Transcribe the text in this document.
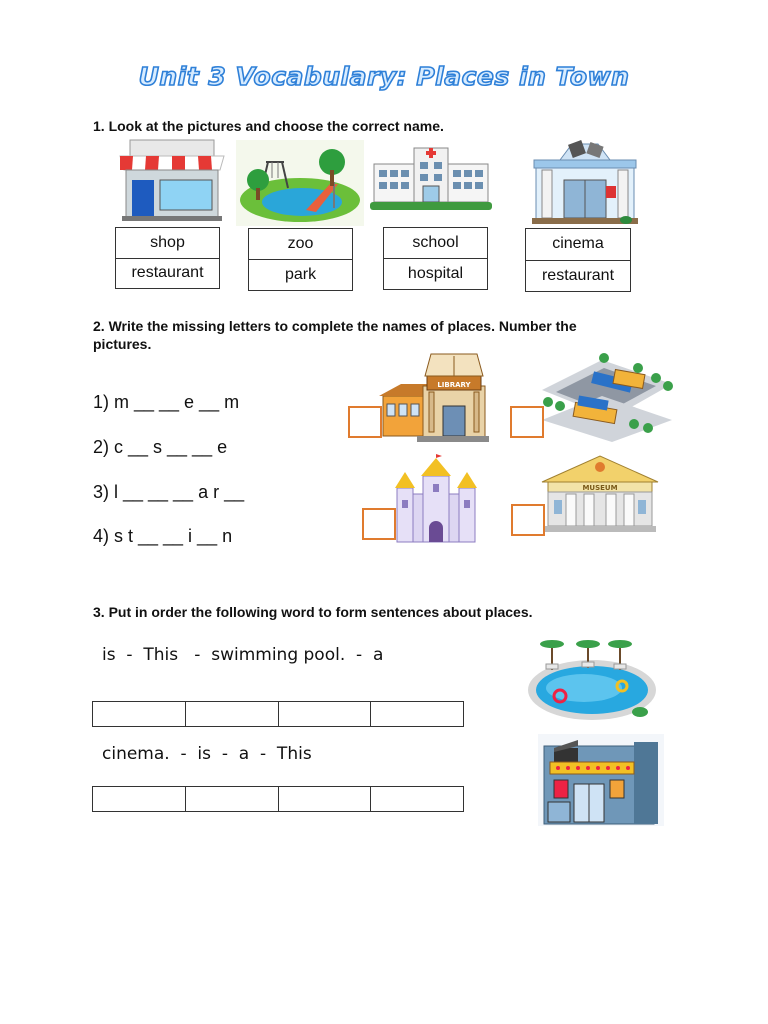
Unit 3 Vocabulary: Places in Town
1. Look at the pictures and choose the correct name.
shop
restaurant
zoo
park
school
hospital
cinema
restaurant
2. Write the missing letters to complete the names of places. Number the
pictures.
1) m __ __ e __ m
2) c __ s __ __ e
3) l __ __ __ a r __
4) s t __ __ i __ n
LIBRARY
MUSEUM
3. Put in order the following word to form sentences about places.
is  -  This   -  swimming pool.  -  a
cinema.  -  is  -  a  -  This
